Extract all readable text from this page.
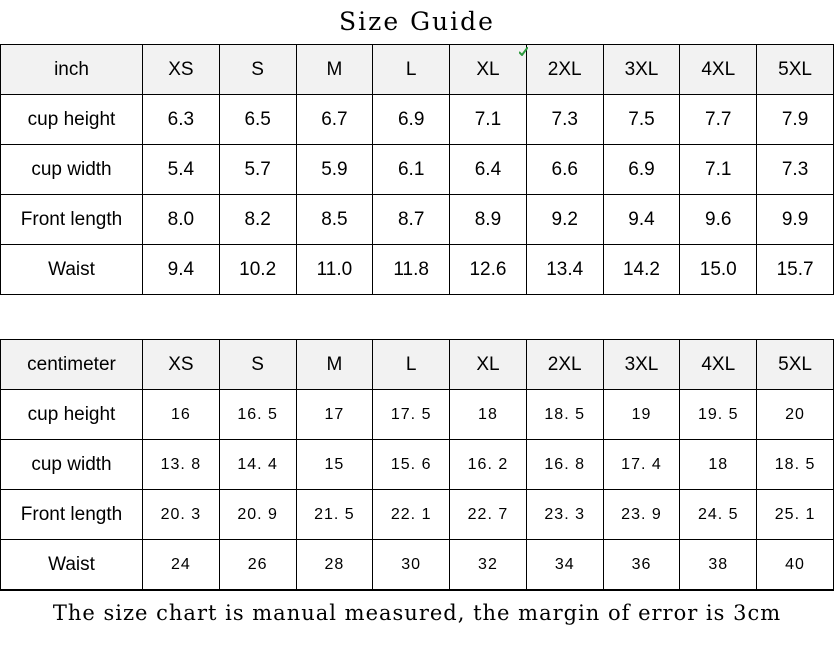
Size Guide
inch	XS	S	M	L	XL	2XL	3XL	4XL	5XL
cup height	6.3	6.5	6.7	6.9	7.1	7.3	7.5	7.7	7.9
cup width	5.4	5.7	5.9	6.1	6.4	6.6	6.9	7.1	7.3
Front length	8.0	8.2	8.5	8.7	8.9	9.2	9.4	9.6	9.9
Waist	9.4	10.2	11.0	11.8	12.6	13.4	14.2	15.0	15.7
centimeter	XS	S	M	L	XL	2XL	3XL	4XL	5XL
cup height	16	16. 5	17	17. 5	18	18. 5	19	19. 5	20
cup width	13. 8	14. 4	15	15. 6	16. 2	16. 8	17. 4	18	18. 5
Front length	20. 3	20. 9	21. 5	22. 1	22. 7	23. 3	23. 9	24. 5	25. 1
Waist	24	26	28	30	32	34	36	38	40
The size chart is manual measured, the margin of error is 3cm
